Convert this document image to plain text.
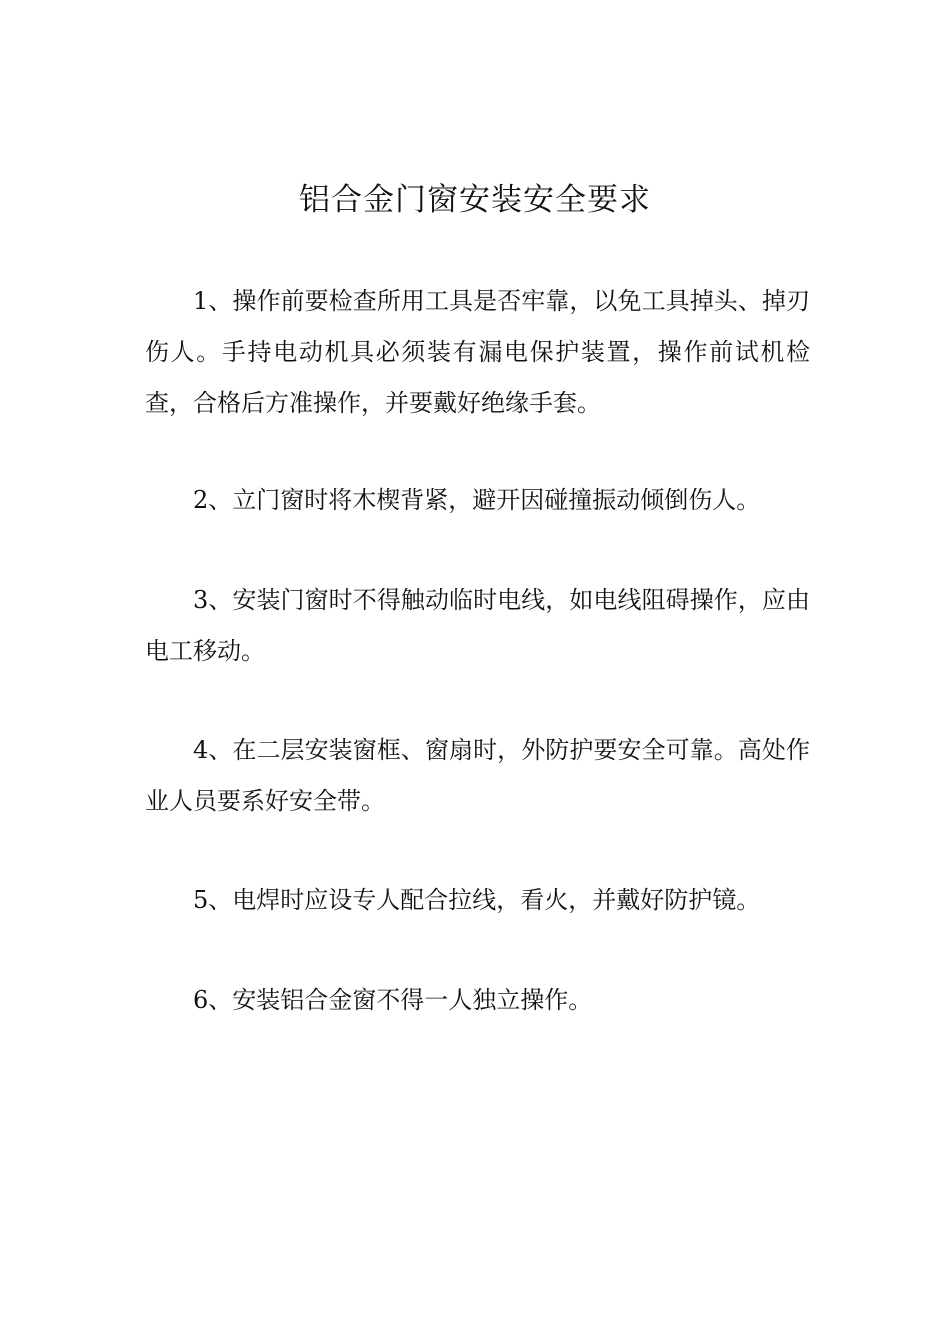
铝合金门窗安装安全要求

1、操作前要检查所用工具是否牢靠，以免工具掉头、掉刃伤人。手持电动机具必须装有漏电保护装置，操作前试机检查，合格后方准操作，并要戴好绝缘手套。

2、立门窗时将木楔背紧，避开因碰撞振动倾倒伤人。

3、安装门窗时不得触动临时电线，如电线阻碍操作，应由电工移动。

4、在二层安装窗框、窗扇时，外防护要安全可靠。高处作业人员要系好安全带。

5、电焊时应设专人配合拉线，看火，并戴好防护镜。

6、安装铝合金窗不得一人独立操作。
